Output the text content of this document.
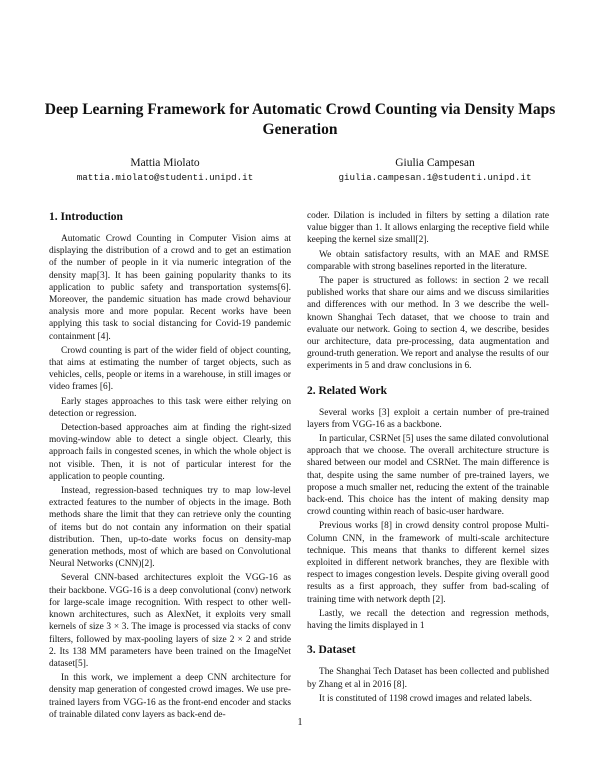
Deep Learning Framework for Automatic Crowd Counting via Density Maps Generation
Mattia Miolato
mattia.miolato@studenti.unipd.it
Giulia Campesan
giulia.campesan.1@studenti.unipd.it
1. Introduction

Automatic Crowd Counting in Computer Vision aims at displaying the distribution of a crowd and to get an estimation of the number of people in it via numeric integration of the density map[3]. It has been gaining popularity thanks to its application to public safety and transportation systems[6]. Moreover, the pandemic situation has made crowd behaviour analysis more and more popular. Recent works have been applying this task to social distancing for Covid-19 pandemic containment [4].

Crowd counting is part of the wider field of object counting, that aims at estimating the number of target objects, such as vehicles, cells, people or items in a warehouse, in still images or video frames [6].

Early stages approaches to this task were either relying on detection or regression.

Detection-based approaches aim at finding the right-sized moving-window able to detect a single object. Clearly, this approach fails in congested scenes, in which the whole object is not visible. Then, it is not of particular interest for the application to people counting.

Instead, regression-based techniques try to map low-level extracted features to the number of objects in the image. Both methods share the limit that they can retrieve only the counting of items but do not contain any information on their spatial distribution. Then, up-to-date works focus on density-map generation methods, most of which are based on Convolutional Neural Networks (CNN)[2].

Several CNN-based architectures exploit the VGG-16 as their backbone. VGG-16 is a deep convolutional (conv) network for large-scale image recognition. With respect to other well-known architectures, such as AlexNet, it exploits very small kernels of size 3 × 3. The image is processed via stacks of conv filters, followed by max-pooling layers of size 2 × 2 and stride 2. Its 138 MM parameters have been trained on the ImageNet dataset[5].

In this work, we implement a deep CNN architecture for density map generation of congested crowd images. We use pre-trained layers from VGG-16 as the front-end encoder and stacks of trainable dilated conv layers as back-end de-

coder. Dilation is included in filters by setting a dilation rate value bigger than 1. It allows enlarging the receptive field while keeping the kernel size small[2].

We obtain satisfactory results, with an MAE and RMSE comparable with strong baselines reported in the literature.

The paper is structured as follows: in section 2 we recall published works that share our aims and we discuss similarities and differences with our method. In 3 we describe the well-known Shanghai Tech dataset, that we choose to train and evaluate our network. Going to section 4, we describe, besides our architecture, data pre-processing, data augmentation and ground-truth generation. We report and analyse the results of our experiments in 5 and draw conclusions in 6.

2. Related Work

Several works [3] exploit a certain number of pre-trained layers from VGG-16 as a backbone.

In particular, CSRNet [5] uses the same dilated convolutional approach that we choose. The overall architecture structure is shared between our model and CSRNet. The main difference is that, despite using the same number of pre-trained layers, we propose a much smaller net, reducing the extent of the trainable back-end. This choice has the intent of making density map crowd counting within reach of basic-user hardware.

Previous works [8] in crowd density control propose Multi-Column CNN, in the framework of multi-scale architecture technique. This means that thanks to different kernel sizes exploited in different network branches, they are flexible with respect to images congestion levels. Despite giving overall good results as a first approach, they suffer from bad-scaling of training time with network depth [2].

Lastly, we recall the detection and regression methods, having the limits displayed in 1

3. Dataset

The Shanghai Tech Dataset has been collected and published by Zhang et al in 2016 [8].

It is constituted of 1198 crowd images and related labels.

1
